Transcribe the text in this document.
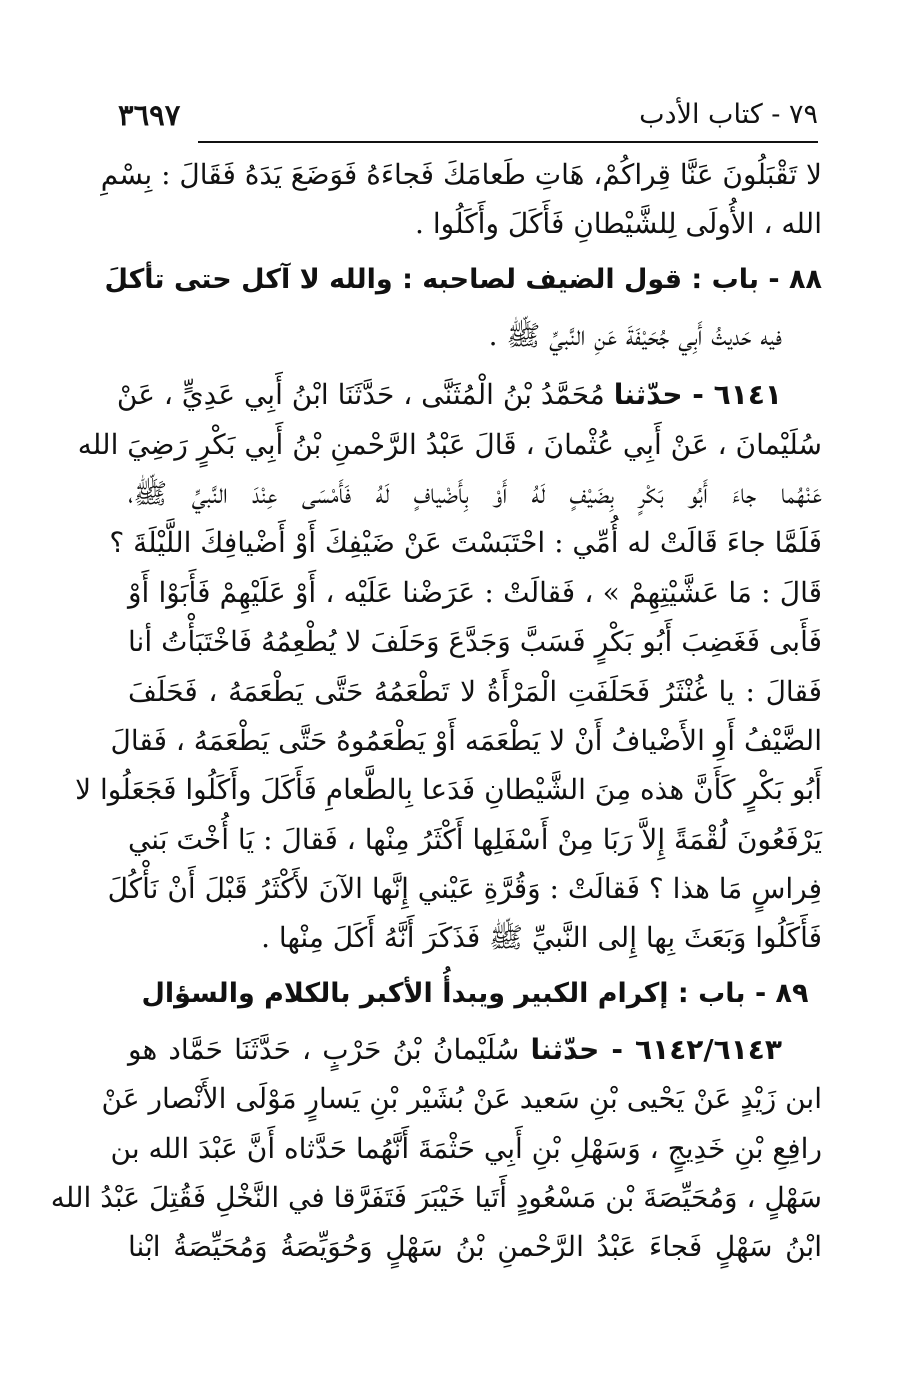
٧٩ - كتاب الأدب
٣٦٩٧
لا تَقْبَلُونَ عَنَّا قِراكُمْ، هَاتِ طَعامَكَ فَجاءَهُ فَوَضَعَ يَدَهُ فَقَالَ : بِسْمِ
الله ، الأُولَى لِلشَّيْطانِ فَأَكَلَ وأَكَلُوا .
٨٨ - باب : قول الضيف لصاحبه : والله لا آكل حتى تأكلَ
فيه حَديثُ أَبِي جُحَيْفَةَ عَنِ النَّبيِّ ﷺ .
٦١٤١ - حدّثنا مُحَمَّدُ بْنُ الْمُثَنَّى ، حَدَّثَنَا ابْنُ أَبِي عَدِيٍّ ، عَنْ
سُلَيْمانَ ، عَنْ أَبِي عُثْمانَ ، قَالَ عَبْدُ الرَّحْمنِ بْنُ أَبِي بَكْرٍ رَضِيَ الله
عَنْهُما جاءَ أَبُو بَكْرٍ بِضَيْفٍ لَهُ أَوْ بِأَضْيافٍ لَهُ فَأَمْسَى عِنْدَ النَّبيِّ ﷺ،
فَلَمَّا جاءَ قَالَتْ له أُمِّي : احْتَبَسْتَ عَنْ ضَيْفِكَ أَوْ أَضْيافِكَ اللَّيْلَةَ ؟
قَالَ : مَا عَشَّيْتِهِمْ » ، فَقالَتْ : عَرَضْنا عَلَيْه ، أَوْ عَلَيْهِمْ فَأَبَوْا أَوْ
فَأَبى فَغَضِبَ أَبُو بَكْرٍ فَسَبَّ وَجَدَّعَ وَحَلَفَ لا يُطْعِمُهُ فَاخْتَبَأْتُ أنا
فَقالَ : يا غُنْثَرُ فَحَلَفَتِ الْمَرْأَةُ لا تَطْعَمُهُ حَتَّى يَطْعَمَهُ ، فَحَلَفَ
الضَّيْفُ أَوِ الأَضْيافُ أَنْ لا يَطْعَمَه أَوْ يَطْعَمُوهُ حَتَّى يَطْعَمَهُ ، فَقالَ
أَبُو بَكْرٍ كَأَنَّ هذه مِنَ الشَّيْطانِ فَدَعا بِالطَّعامِ فَأَكَلَ وأَكَلُوا فَجَعَلُوا لا
يَرْفَعُونَ لُقْمَةً إِلاَّ رَبَا مِنْ أَسْفَلِها أَكْثَرُ مِنْها ، فَقالَ : يَا أُخْتَ بَني
فِراسٍ مَا هذا ؟ فَقالَتْ : وَقُرَّةِ عَيْني إِنَّها الآنَ لأَكْثَرُ قَبْلَ أَنْ نَأْكُلَ
فَأَكَلُوا وَبَعَثَ بِها إِلى النَّبيِّ ﷺ فَذَكَرَ أَنَّهُ أَكَلَ مِنْها .
٨٩ - باب : إكرام الكبير ويبدأُ الأكبر بالكلام والسؤال
٦١٤٢/٦١٤٣ - حدّثنا سُلَيْمانُ بْنُ حَرْبٍ ، حَدَّثَنَا حَمَّاد هو
ابن زَيْدٍ عَنْ يَحْيى بْنِ سَعيد عَنْ بُشَيْر بْنِ يَسارٍ مَوْلَى الأَنْصار عَنْ
رافِعِ بْنِ خَدِيجٍ ، وَسَهْلِ بْنِ أَبِي حَثْمَةَ أَنَّهُما حَدَّثاه أَنَّ عَبْدَ الله بن
سَهْلٍ ، وَمُحَيِّصَةَ بْن مَسْعُودٍ أَتَيا خَيْبَرَ فَتَفَرَّقا في النَّخْلِ فَقُتِلَ عَبْدُ الله
ابْنُ سَهْلٍ فَجاءَ عَبْدُ الرَّحْمنِ بْنُ سَهْلٍ وَحُوَيِّصَةُ وَمُحَيِّصَةُ ابْنا
